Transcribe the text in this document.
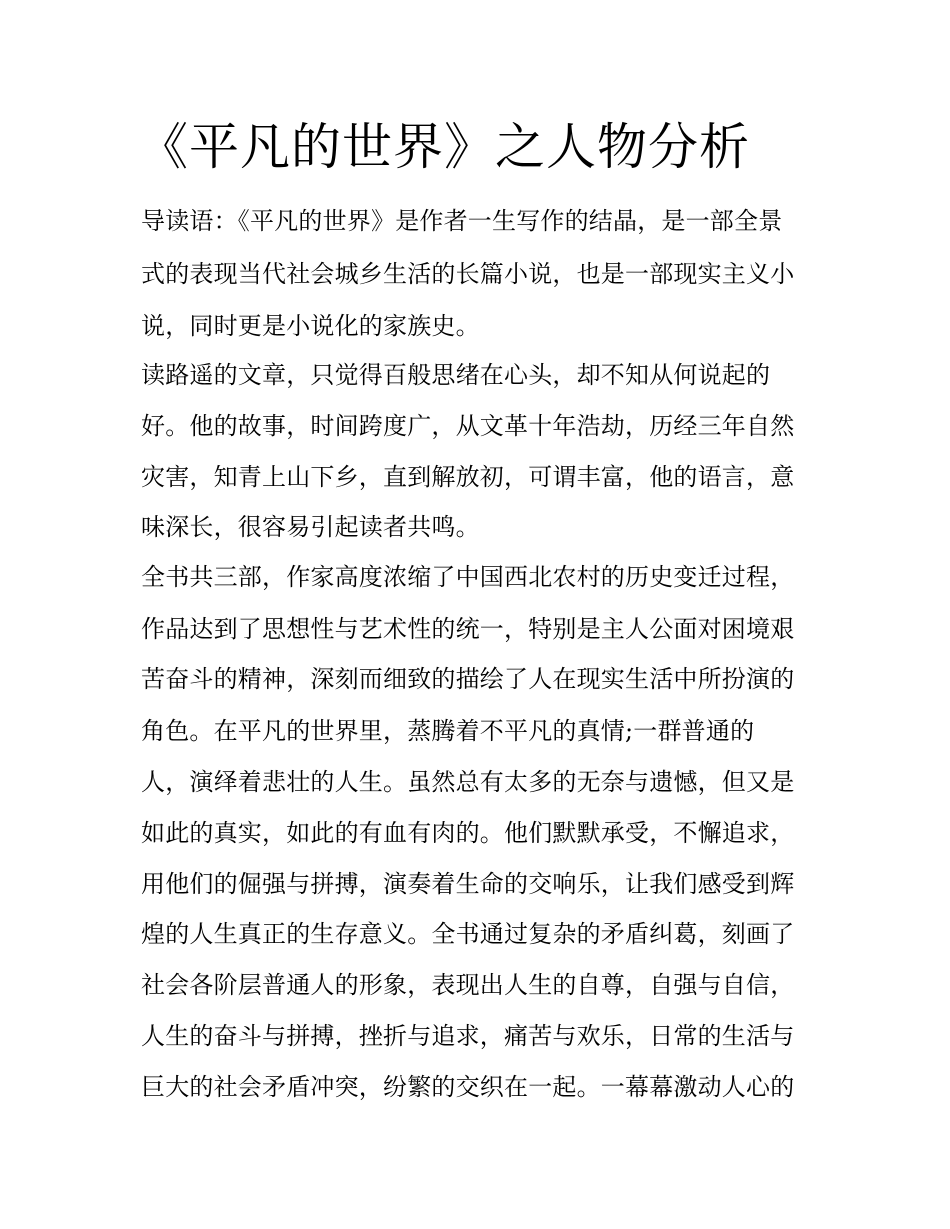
《平凡的世界》之人物分析
导读语：《平凡的世界》是作者一生写作的结晶，是一部全景
式的表现当代社会城乡生活的长篇小说，也是一部现实主义小
说，同时更是小说化的家族史。
读路遥的文章，只觉得百般思绪在心头，却不知从何说起的
好。他的故事，时间跨度广，从文革十年浩劫，历经三年自然
灾害，知青上山下乡，直到解放初，可谓丰富，他的语言，意
味深长，很容易引起读者共鸣。
全书共三部，作家高度浓缩了中国西北农村的历史变迁过程，
作品达到了思想性与艺术性的统一，特别是主人公面对困境艰
苦奋斗的精神，深刻而细致的描绘了人在现实生活中所扮演的
角色。在平凡的世界里，蒸腾着不平凡的真情;一群普通的
人，演绎着悲壮的人生。虽然总有太多的无奈与遗憾，但又是
如此的真实，如此的有血有肉的。他们默默承受，不懈追求，
用他们的倔强与拼搏，演奏着生命的交响乐，让我们感受到辉
煌的人生真正的生存意义。全书通过复杂的矛盾纠葛，刻画了
社会各阶层普通人的形象，表现出人生的自尊，自强与自信，
人生的奋斗与拼搏，挫折与追求，痛苦与欢乐，日常的生活与
巨大的社会矛盾冲突，纷繁的交织在一起。一幕幕激动人心的
